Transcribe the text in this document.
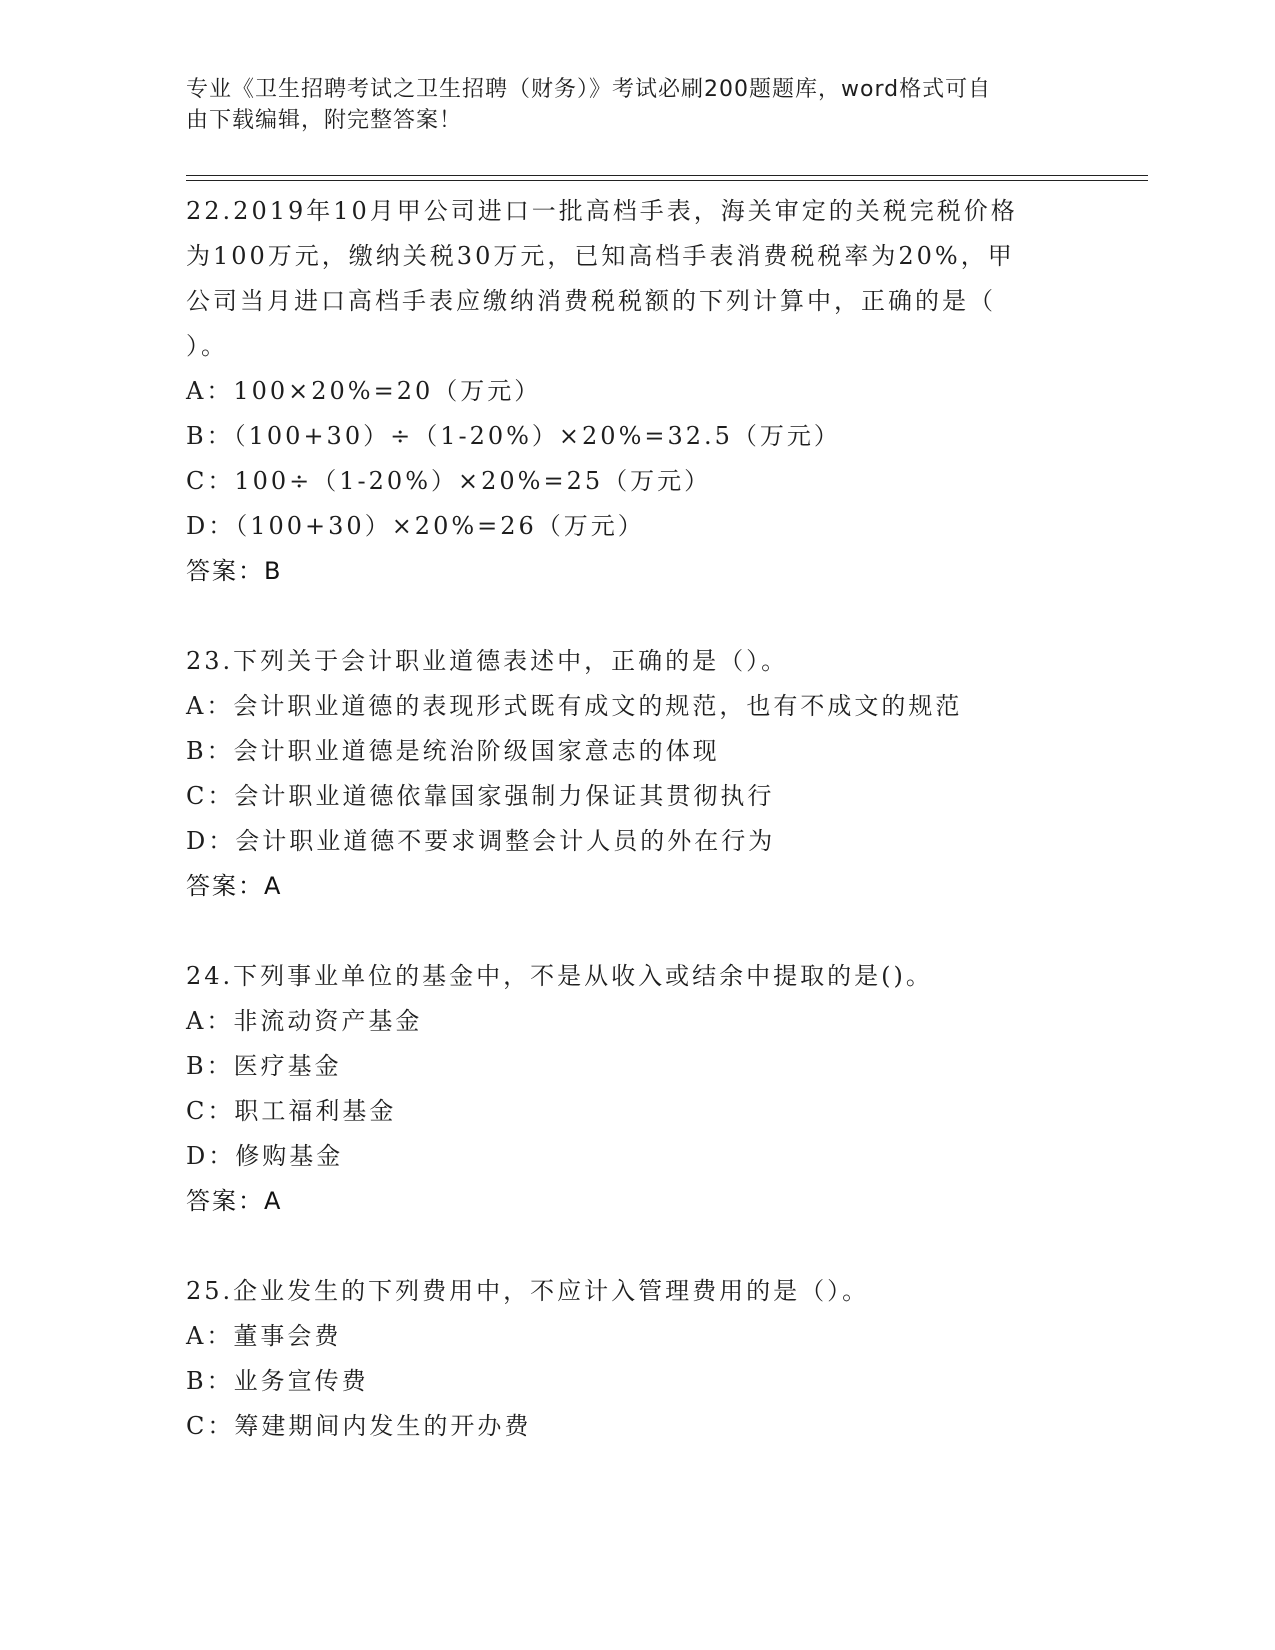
专业《卫生招聘考试之卫生招聘（财务）》考试必刷200题题库，word格式可自
由下载编辑，附完整答案！
22.2019年10月甲公司进口一批高档手表，海关审定的关税完税价格
为100万元，缴纳关税30万元，已知高档手表消费税税率为20%，甲
公司当月进口高档手表应缴纳消费税税额的下列计算中，正确的是（
）。
A：100×20%=20（万元）
B：（100+30）÷（1-20%）×20%=32.5（万元）
C：100÷（1-20%）×20%=25（万元）
D：（100+30）×20%=26（万元）
答案：B
23.下列关于会计职业道德表述中，正确的是（）。
A：会计职业道德的表现形式既有成文的规范，也有不成文的规范
B：会计职业道德是统治阶级国家意志的体现
C：会计职业道德依靠国家强制力保证其贯彻执行
D：会计职业道德不要求调整会计人员的外在行为
答案：A
24.下列事业单位的基金中，不是从收入或结余中提取的是()。
A：非流动资产基金
B：医疗基金
C：职工福利基金
D：修购基金
答案：A
25.企业发生的下列费用中，不应计入管理费用的是（）。
A：董事会费
B：业务宣传费
C：筹建期间内发生的开办费
